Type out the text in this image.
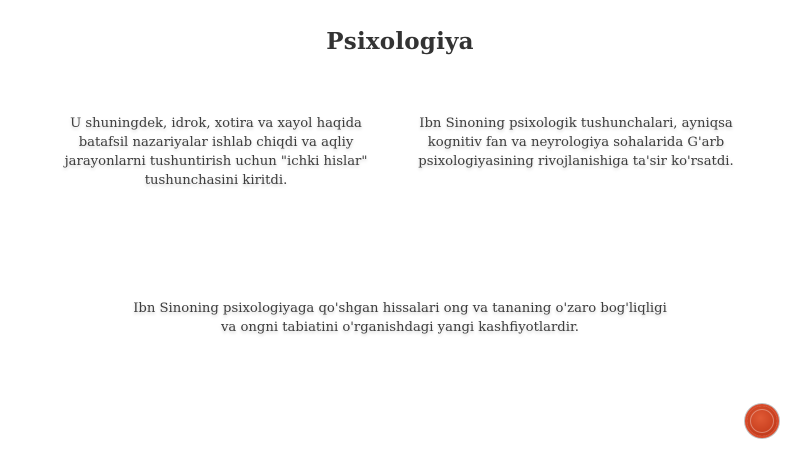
Psixologiya
U shuningdek, idrok, xotira va xayol haqida batafsil nazariyalar ishlab chiqdi va aqliy jarayonlarni tushuntirish uchun "ichki hislar" tushunchasini kiritdi.
Ibn Sinoning psixologik tushunchalari, ayniqsa kognitiv fan va neyrologiya sohalarida G'arb psixologiyasining rivojlanishiga ta'sir ko'rsatdi.
Ibn Sinoning psixologiyaga qo'shgan hissalari ong va tananing o'zaro bog'liqligi va ongni tabiatini o'rganishdagi yangi kashfiyotlardir.
